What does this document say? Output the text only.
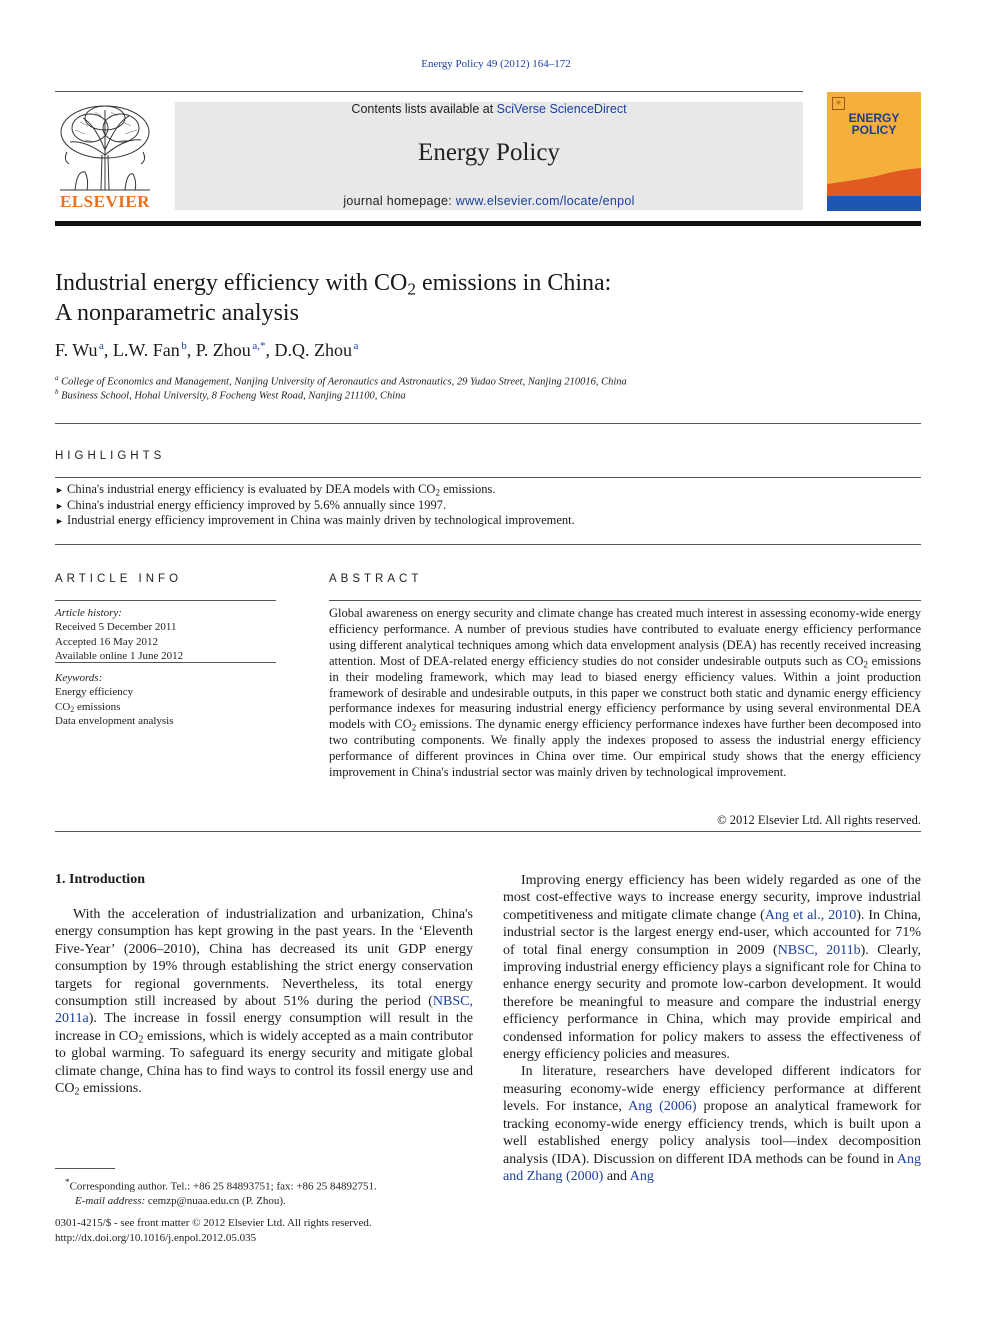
Energy Policy 49 (2012) 164–172
ELSEVIER
Contents lists available at SciVerse ScienceDirect
Energy Policy
journal homepage: www.elsevier.com/locate/enpol
✳
ENERGY
POLICY
Industrial energy efficiency with $CO_2$ emissions in China:
A nonparametric analysis
F. Wu  $^a$, L.W. Fan  $^b$, P. Zhou  $^{a,*}$, D.Q. Zhou  $^a$
$^a$ College of Economics and Management, Nanjing University of Aeronautics and Astronautics, 29 Yudao Street, Nanjing 210016, China
$^b$ Business School, Hohai University, 8 Focheng West Road, Nanjing 211100, China
HIGHLIGHTS
► China's industrial energy efficiency is evaluated by DEA models with $CO_2$ emissions.
► China's industrial energy efficiency improved by 5.6% annually since 1997.
► Industrial energy efficiency improvement in China was mainly driven by technological improvement.
ARTICLE INFO
Article history:
Received 5 December 2011
Accepted 16 May 2012
Available online 1 June 2012
Keywords:
Energy efficiency
$CO_2$ emissions
Data envelopment analysis
ABSTRACT
Global awareness on energy security and climate change has created much interest in assessing economy-wide energy efficiency performance. A number of previous studies have contributed to evaluate energy efficiency performance using different analytical techniques among which data envelopment analysis (DEA) has recently received increasing attention. Most of DEA-related energy efficiency studies do not consider undesirable outputs such as $CO_2$ emissions in their modeling framework, which may lead to biased energy efficiency values. Within a joint production framework of desirable and undesirable outputs, in this paper we construct both static and dynamic energy efficiency performance indexes for measuring industrial energy efficiency performance by using several environmental DEA models with $CO_2$ emissions. The dynamic energy efficiency performance indexes have further been decomposed into two contributing components. We finally apply the indexes proposed to assess the industrial energy efficiency performance of different provinces in China over time. Our empirical study shows that the energy efficiency improvement in China's industrial sector was mainly driven by technological improvement.
© 2012 Elsevier Ltd. All rights reserved.
1. Introduction

With the acceleration of industrialization and urbanization, China's energy consumption has kept growing in the past years. In the ‘Eleventh Five-Year’ (2006–2010), China has decreased its unit GDP energy consumption by 19% through establishing the strict energy conservation targets for regional governments. Nevertheless, its total energy consumption still increased by about 51% during the period (NBSC, 2011a). The increase in fossil energy consumption will result in the increase in $CO_2$ emissions, which is widely accepted as a main contributor to global warming. To safeguard its energy security and mitigate global climate change, China has to find ways to control its fossil energy use and $CO_2$ emissions.

Improving energy efficiency has been widely regarded as one of the most cost-effective ways to increase energy security, improve industrial competitiveness and mitigate climate change (Ang et al., 2010). In China, industrial sector is the largest energy end-user, which accounted for 71% of total final energy consumption in 2009 (NBSC, 2011b). Clearly, improving industrial energy efficiency plays a significant role for China to enhance energy security and promote low-carbon development. It would therefore be meaningful to measure and compare the industrial energy efficiency performance in China, which may provide empirical and condensed information for policy makers to assess the effectiveness of energy efficiency policies and measures.

In literature, researchers have developed different indicators for measuring economy-wide energy efficiency performance at different levels. For instance, Ang (2006) propose an analytical framework for tracking economy-wide energy efficiency trends, which is built upon a well established energy policy analysis tool—index decomposition analysis (IDA). Discussion on different IDA methods can be found in Ang and Zhang (2000) and Ang

*Corresponding author. Tel.: +86 25 84893751; fax: +86 25 84892751.
E-mail address: cemzp@nuaa.edu.cn (P. Zhou).
0301-4215/$ - see front matter © 2012 Elsevier Ltd. All rights reserved.
http://dx.doi.org/10.1016/j.enpol.2012.05.035
